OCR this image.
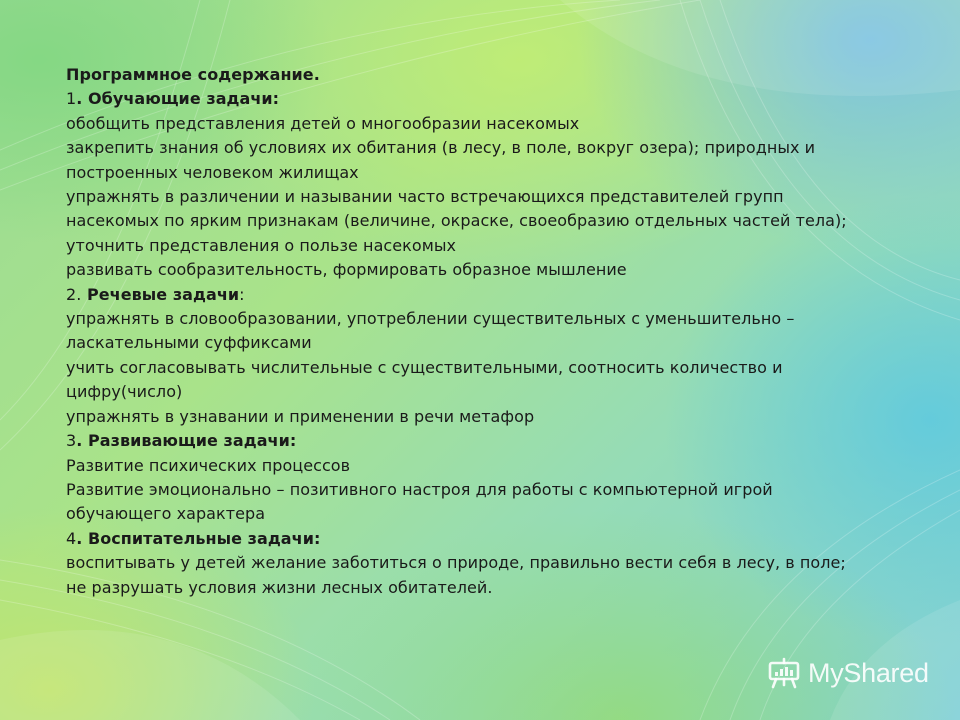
Программное содержание.

1. Обучающие задачи:

обобщить представления детей о многообразии насекомых

закрепить знания об условиях их обитания (в лесу, в поле, вокруг озера); природных и построенных человеком жилищах

упражнять в различении и назывании часто встречающихся представителей групп насекомых по ярким признакам (величине, окраске, своеобразию отдельных частей тела);

уточнить представления о пользе насекомых

развивать сообразительность, формировать образное мышление

2. Речевые задачи:

упражнять в словообразовании, употреблении существительных с уменьшительно – ласкательными суффиксами

учить согласовывать числительные с существительными, соотносить количество и цифру(число)

упражнять в узнавании и применении в речи метафор

3. Развивающие задачи:

Развитие психических процессов

Развитие эмоционально – позитивного настроя для работы с компьютерной игрой обучающего характера

4. Воспитательные задачи:

воспитывать у детей желание заботиться о природе, правильно вести себя в лесу, в поле; не разрушать условия жизни лесных обитателей.

MyShared
